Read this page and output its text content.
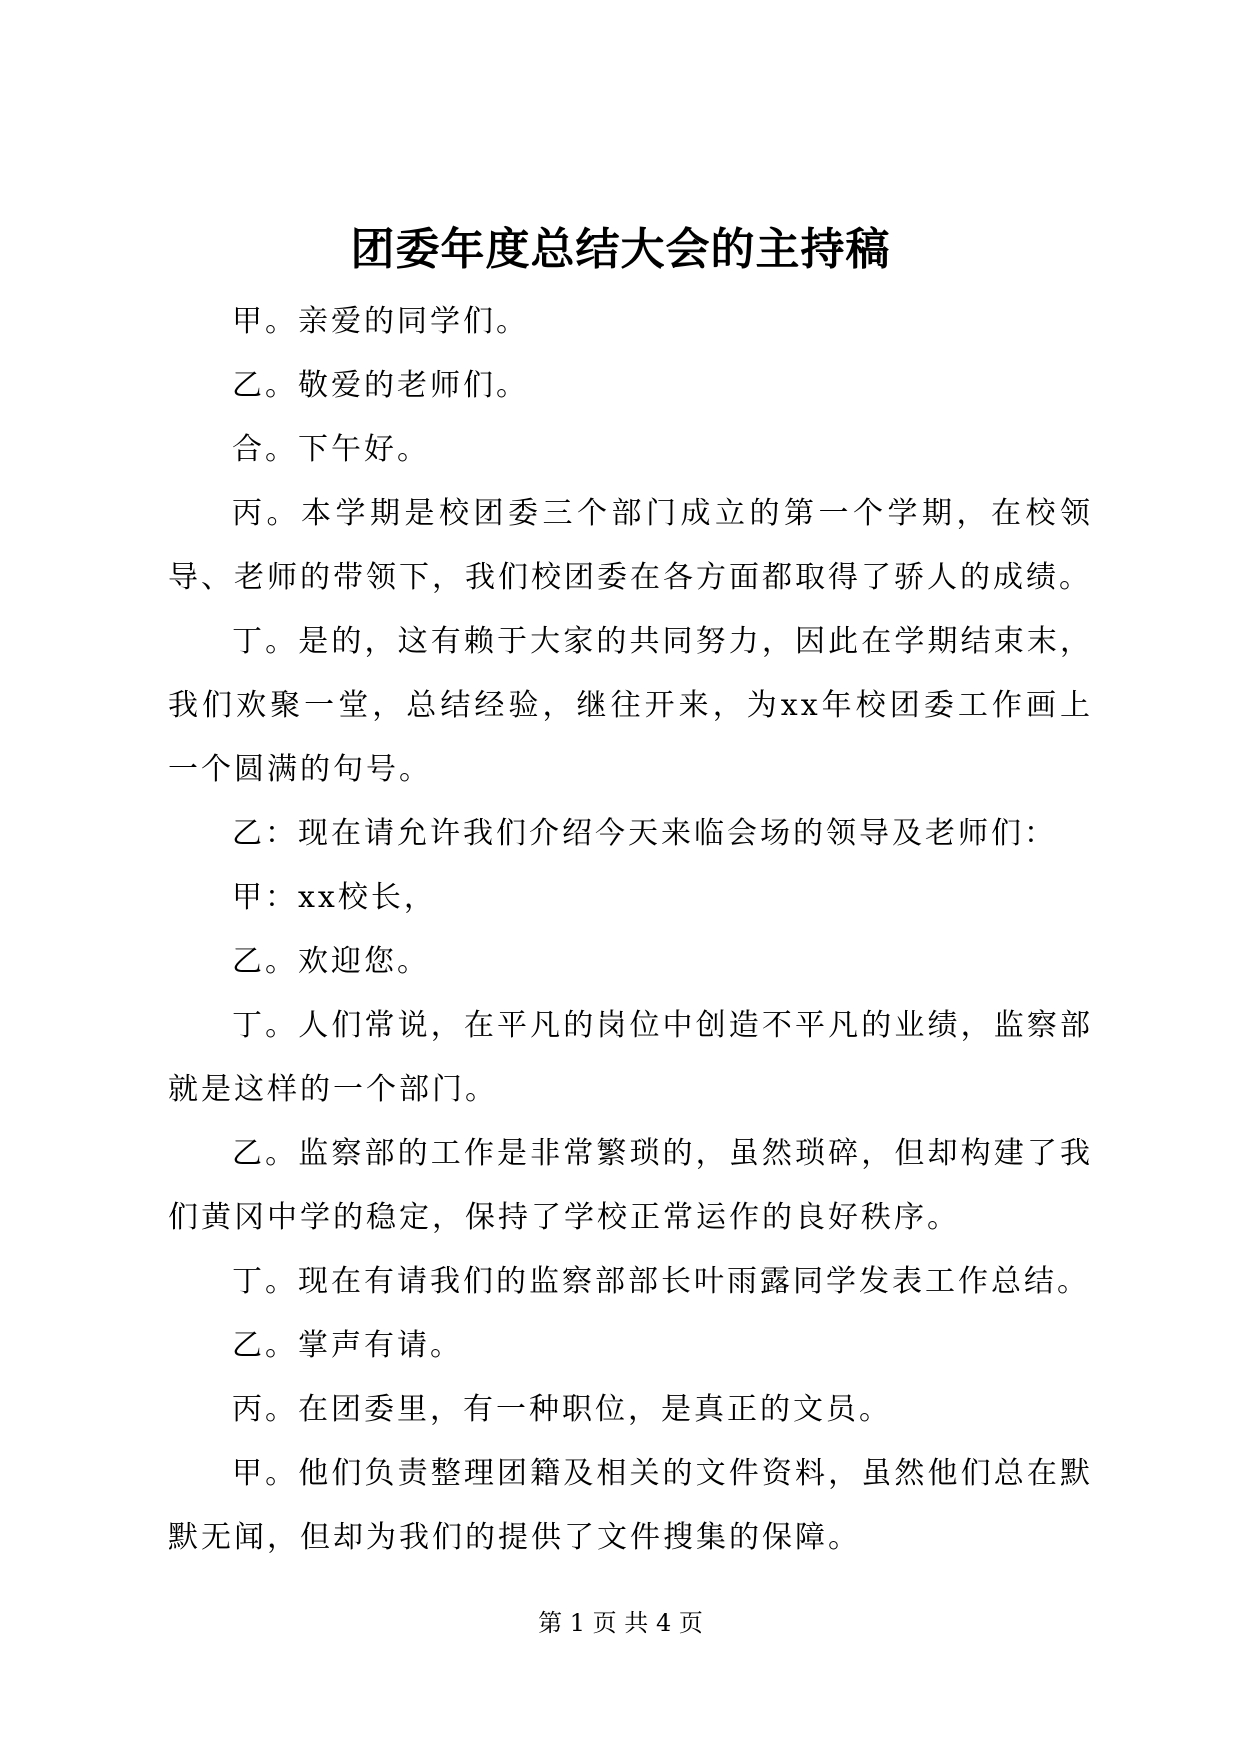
团委年度总结大会的主持稿

甲。亲爱的同学们。

乙。敬爱的老师们。

合。下午好。

丙。本学期是校团委三个部门成立的第一个学期，在校领导、老师的带领下，我们校团委在各方面都取得了骄人的成绩。

丁。是的，这有赖于大家的共同努力，因此在学期结束末，我们欢聚一堂，总结经验，继往开来，为xx年校团委工作画上一个圆满的句号。

乙：现在请允许我们介绍今天来临会场的领导及老师们：

甲：xx校长，

乙。欢迎您。

丁。人们常说，在平凡的岗位中创造不平凡的业绩，监察部就是这样的一个部门。

乙。监察部的工作是非常繁琐的，虽然琐碎，但却构建了我们黄冈中学的稳定，保持了学校正常运作的良好秩序。

丁。现在有请我们的监察部部长叶雨露同学发表工作总结。

乙。掌声有请。

丙。在团委里，有一种职位，是真正的文员。

甲。他们负责整理团籍及相关的文件资料，虽然他们总在默默无闻，但却为我们的提供了文件搜集的保障。

第 1 页 共 4 页
